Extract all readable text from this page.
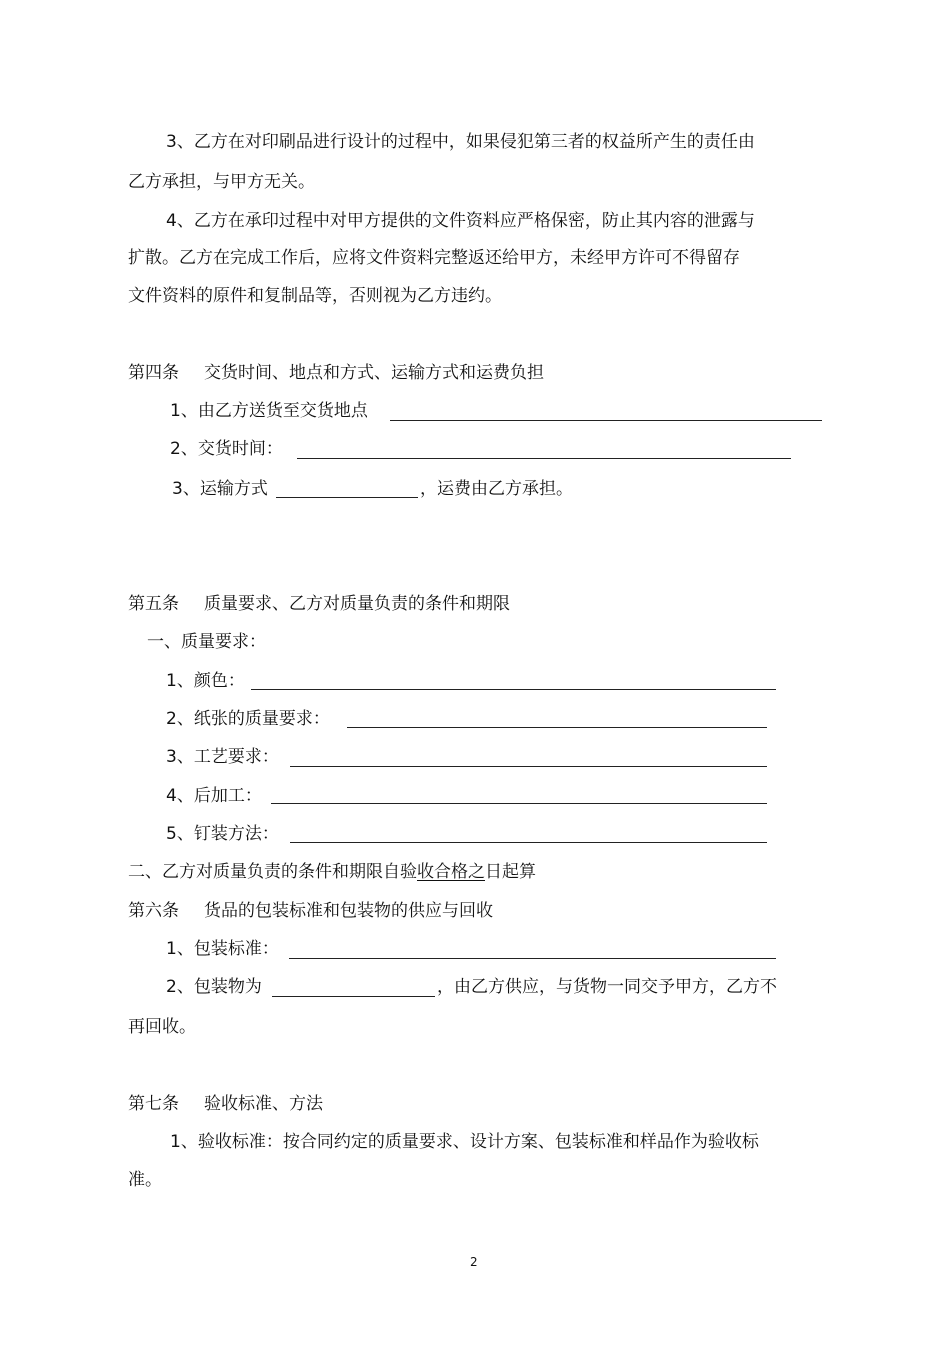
3、乙方在对印刷品进行设计的过程中，如果侵犯第三者的权益所产生的责任由
乙方承担，与甲方无关。
4、乙方在承印过程中对甲方提供的文件资料应严格保密，防止其内容的泄露与
扩散。乙方在完成工作后，应将文件资料完整返还给甲方，未经甲方许可不得留存
文件资料的原件和复制品等，否则视为乙方违约。
第四条 交货时间、地点和方式、运输方式和运费负担
1、由乙方送货至交货地点
2、交货时间：
3、运输方式	，运费由乙方承担。
第五条 质量要求、乙方对质量负责的条件和期限
一、质量要求：
1、颜色：
2、纸张的质量要求：
3、工艺要求：
4、后加工：
5、钉装方法：
二、乙方对质量负责的条件和期限自验收合格之日起算
第六条 货品的包装标准和包装物的供应与回收
1、包装标准：
2、包装物为	，由乙方供应，与货物一同交予甲方，乙方不
再回收。
第七条 验收标准、方法
1、验收标准：按合同约定的质量要求、设计方案、包装标准和样品作为验收标
准。
2
